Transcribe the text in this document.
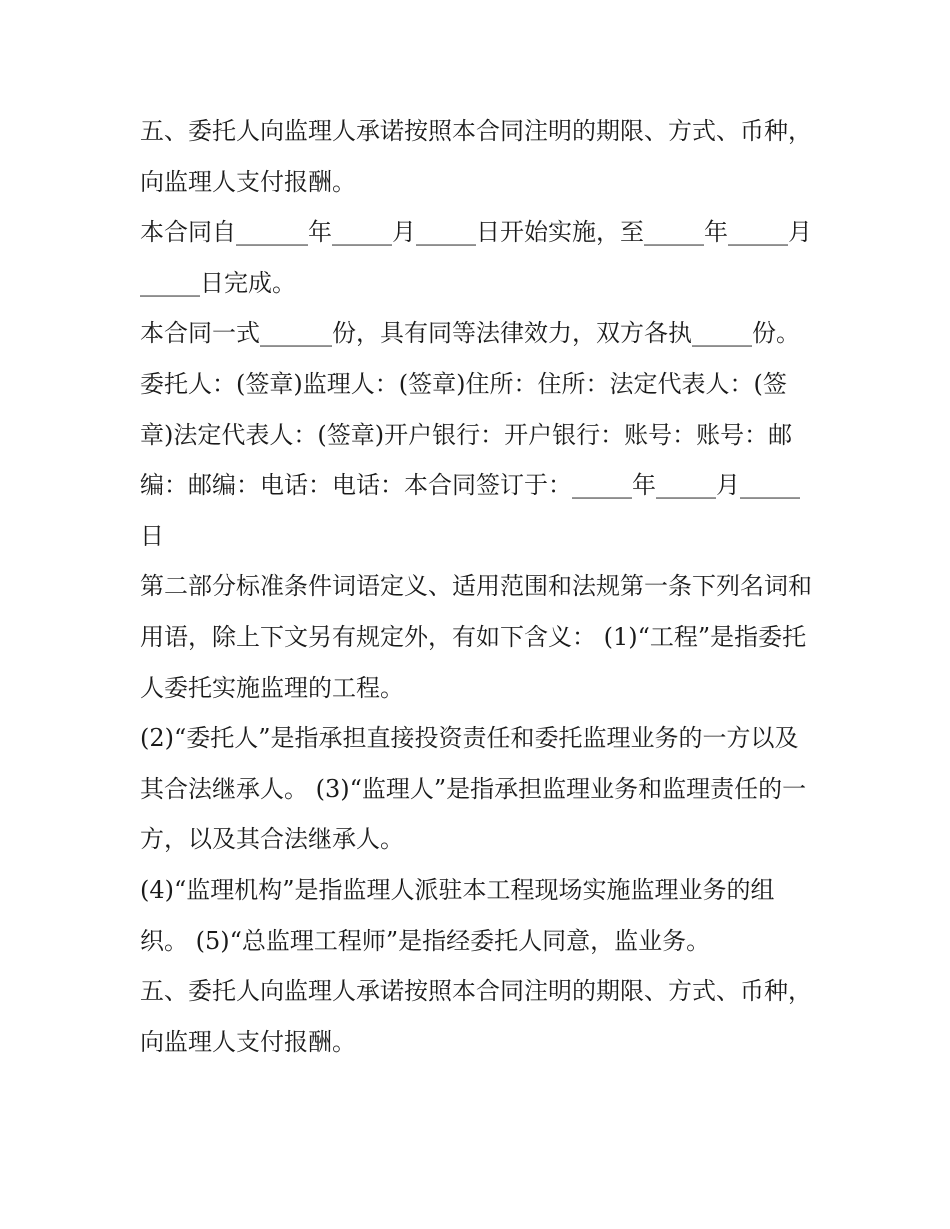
五、委托人向监理人承诺按照本合同注明的期限、方式、币种，向监理人支付报酬。

本合同自______年_____月_____日开始实施，至_____年_____月_____日完成。

本合同一式______份，具有同等法律效力，双方各执_____份。

委托人：(签章)监理人：(签章)住所：住所：法定代表人：(签章)法定代表人：(签章)开户银行：开户银行：账号：账号：邮编：邮编：电话：电话：本合同签订于：_____年_____月_____日

第二部分标准条件词语定义、适用范围和法规第一条下列名词和用语，除上下文另有规定外，有如下含义： (1)“工程”是指委托人委托实施监理的工程。

(2)“委托人”是指承担直接投资责任和委托监理业务的一方以及其合法继承人。 (3)“监理人”是指承担监理业务和监理责任的一方，以及其合法继承人。

(4)“监理机构”是指监理人派驻本工程现场实施监理业务的组织。 (5)“总监理工程师”是指经委托人同意，监业务。

五、委托人向监理人承诺按照本合同注明的期限、方式、币种，向监理人支付报酬。
